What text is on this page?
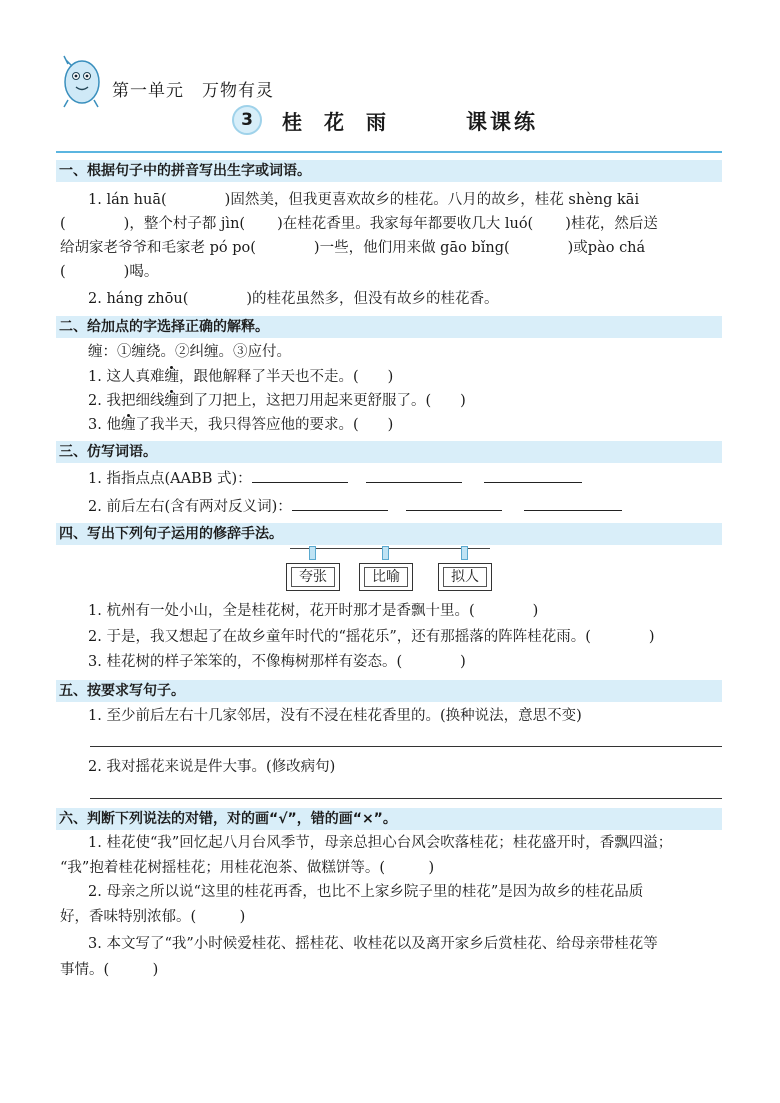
第一单元　万物有灵
3	桂花雨	课课练
一、根据句子中的拼音写出生字或词语。
1. lán huā(	)固然美，但我更喜欢故乡的桂花。八月的故乡，桂花 shèng kāi
(	)，整个村子都 jìn( )在桂花香里。我家每年都要收几大 luó( )桂花，然后送
给胡家老爷爷和毛家老 pó po(	)一些，他们用来做 gāo bǐng(	)或pào chá
(	)喝。
2. háng zhōu(	)的桂花虽然多，但没有故乡的桂花香。
二、给加点的字选择正确的解释。
缠：①缠绕。②纠缠。③应付。
1. 这人真难缠，跟他解释了半天也不走。(　　)
2. 我把细线缠到了刀把上，这把刀用起来更舒服了。(　　)
3. 他缠了我半天，我只得答应他的要求。(　　)
三、仿写词语。
1. 指指点点(AABB 式)：
2. 前后左右(含有两对反义词)：
四、写出下列句子运用的修辞手法。
夸张	比喻	拟人
1. 杭州有一处小山，全是桂花树，花开时那才是香飘十里。(　　　　)
2. 于是，我又想起了在故乡童年时代的“摇花乐”，还有那摇落的阵阵桂花雨。(　　　　)
3. 桂花树的样子笨笨的，不像梅树那样有姿态。(　　　　)
五、按要求写句子。
1. 至少前后左右十几家邻居，没有不浸在桂花香里的。(换种说法，意思不变)
2. 我对摇花来说是件大事。(修改病句)
六、判断下列说法的对错，对的画“√”，错的画“×”。
1. 桂花使“我”回忆起八月台风季节，母亲总担心台风会吹落桂花；桂花盛开时，香飘四溢；
“我”抱着桂花树摇桂花；用桂花泡茶、做糕饼等。(　　　)
2. 母亲之所以说“这里的桂花再香，也比不上家乡院子里的桂花”是因为故乡的桂花品质
好，香味特别浓郁。(　　　)
3. 本文写了“我”小时候爱桂花、摇桂花、收桂花以及离开家乡后赏桂花、给母亲带桂花等
事情。(　　　)
